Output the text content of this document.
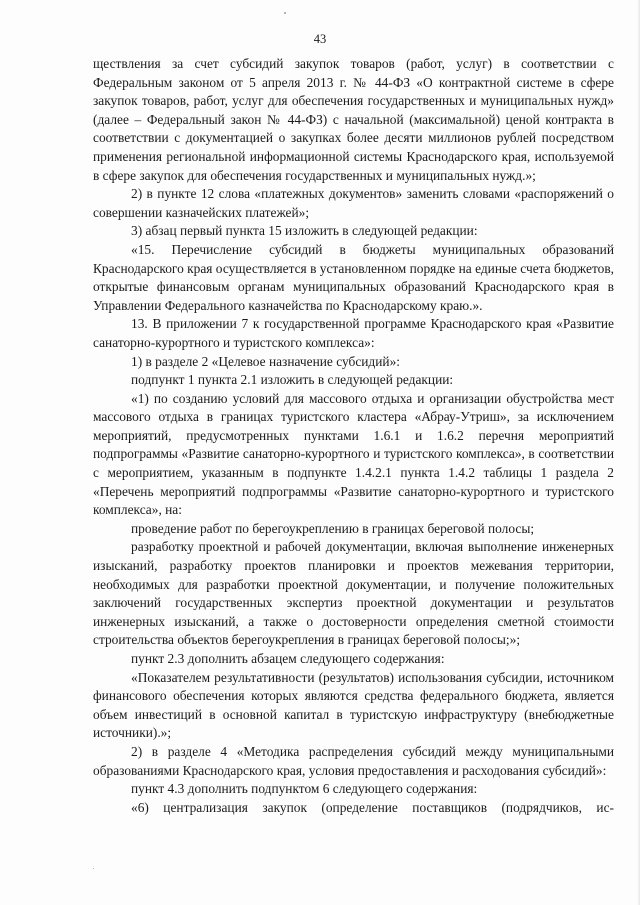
43

ществления за счет субсидий закупок товаров (работ, услуг) в соответствии с Федеральным законом от 5 апреля 2013 г. № 44-ФЗ «О контрактной системе в сфере закупок товаров, работ, услуг для обеспечения государственных и муниципальных нужд» (далее – Федеральный закон № 44-ФЗ) с начальной (максимальной) ценой контракта в соответствии с документацией о закупках более десяти миллионов рублей посредством применения региональной информационной системы Краснодарского края, используемой в сфере закупок для обеспечения государственных и муниципальных нужд.»;

2) в пункте 12 слова «платежных документов» заменить словами «распоряжений о совершении казначейских платежей»;

3) абзац первый пункта 15 изложить в следующей редакции:

«15. Перечисление субсидий в бюджеты муниципальных образований Краснодарского края осуществляется в установленном порядке на единые счета бюджетов, открытые финансовым органам муниципальных образований Краснодарского края в Управлении Федерального казначейства по Краснодарскому краю.».

13. В приложении 7 к государственной программе Краснодарского края «Развитие санаторно-курортного и туристского комплекса»:

1) в разделе 2 «Целевое назначение субсидий»:

подпункт 1 пункта 2.1 изложить в следующей редакции:

«1) по созданию условий для массового отдыха и организации обустройства мест массового отдыха в границах туристского кластера «Абрау-Утриш», за исключением мероприятий, предусмотренных пунктами 1.6.1 и 1.6.2 перечня мероприятий подпрограммы «Развитие санаторно-курортного и туристского комплекса», в соответствии с мероприятием, указанным в подпункте 1.4.2.1 пункта 1.4.2 таблицы 1 раздела 2 «Перечень мероприятий подпрограммы «Развитие санаторно-курортного и туристского комплекса», на:

проведение работ по берегоукреплению в границах береговой полосы;

разработку проектной и рабочей документации, включая выполнение инженерных изысканий, разработку проектов планировки и проектов межевания территории, необходимых для разработки проектной документации, и получение положительных заключений государственных экспертиз проектной документации и результатов инженерных изысканий, а также о достоверности определения сметной стоимости строительства объектов берегоукрепления в границах береговой полосы;»;

пункт 2.3 дополнить абзацем следующего содержания:

«Показателем результативности (результатов) использования субсидии, источником финансового обеспечения которых являются средства федерального бюджета, является объем инвестиций в основной капитал в туристскую инфраструктуру (внебюджетные источники).»;

2) в разделе 4 «Методика распределения субсидий между муниципальными образованиями Краснодарского края, условия предоставления и расходования субсидий»:

пункт 4.3 дополнить подпунктом 6 следующего содержания:

«6) централизация закупок (определение поставщиков (подрядчиков, ис-
